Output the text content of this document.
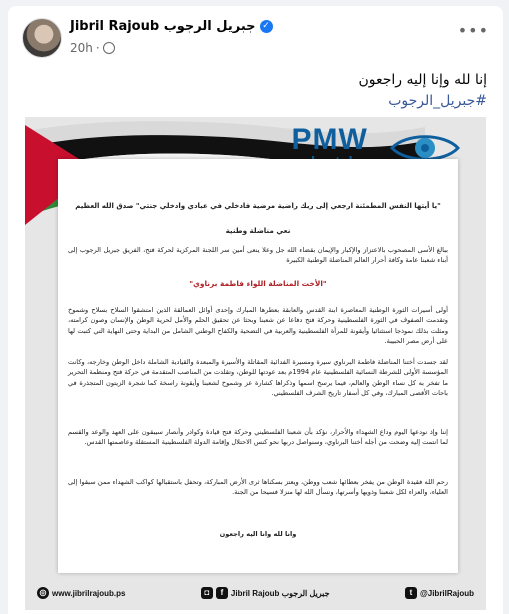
Jibril Rajoub جبريل الرجوب ✓
20h ·
•••
إنا لله وإنا إليه راجعون
#جبريل_الرجوب
PMW
"يا أيتها النفس المطمئنة ارجعي إلى ربك راضية مرضية فادخلي في عبادي وادخلي جنتي" صدق الله العظيم
نعي مناضلة وطنية
ببالغ الأسى المصحوب بالاعتزاز والإكبار والإيمان بقضاء الله جل وعلا ينعى أمين سر اللجنة المركزية لحركة فتح، الفريق جبريل الرجوب إلى أبناء شعبنا عامة وكافة أحرار العالم المناضلة الوطنية الكبيرة
"الأخت المناضلة اللواء فاطمة برناوي"
أولى أسيرات الثورة الوطنية المعاصرة ابنة القدس والعابقة بعطرها المبارك وإحدى أوائل العمالقة الذين امتشقوا السلاح بسلاح وشموخ وتقدمت الصفوف في الثورة الفلسطينية وحركة فتح دفاعا عن شعبنا وبحثا عن تحقيق الحلم والأمل لحرية الوطن والإنسان وصون كرامته، ومثلت بذلك نموذجا استثنائيا وأيقونة للمرأة الفلسطينية والعربية في التضحية والكفاح الوطني الشامل من البداية وحتى النهاية التي كتبت لها على أرض مصر الحبيبة.
لقد جسدت أختنا المناضلة فاطمة البرناوي سيرة ومسيرة الفدائية المقاتلة والأسيرة والمبعدة والقيادية الشاملة داخل الوطن وخارجه، وكانت المؤسسة الأولى للشرطة النسائية الفلسطينية عام 1994م بعد عودتها للوطن، وتقلدت من المناصب المتقدمة في حركة فتح ومنظمة التحرير ما تفخر به كل نساء الوطن والعالم، فيما يرسخ اسمها وذكراها كشارة عز وشموخ لشعبنا وأيقونة راسخة كما شجرة الزيتون المتجذرة في باحات الأقصى المبارك، وفي كل أسفار تاريخ الشرف الفلسطيني.
إننا وإذ نودعها اليوم وداع الشهداء والأحرار، نؤكد بأن شعبنا الفلسطيني وحركة فتح قيادة وكوادر وأنصار سيبقون على العهد والوعد والقسم لما انتمت إليه وضحت من أجله أختنا البرناوي، وسنواصل دربها نحو كنس الاحتلال وإقامة الدولة الفلسطينية المستقلة وعاصمتها القدس.
رحم الله فقيدة الوطن من يفخر بعطائها شعب ووطن، ويعتز بسكناها ثرى الأرض المباركة، وتحفل باستقبالها كواكب الشهداء ممن سبقوا إلى العلياء، والعزاء لكل شعبنا وذويها وأسرتها، ونسأل الله لها منزلا فسيحا من الجنة.
وانا لله وانا اليه راجعون
◎ www.jibrilrajoub.ps	◘	f Jibril Rajoub جبريل الرجوب	t @JibrilRajoub
